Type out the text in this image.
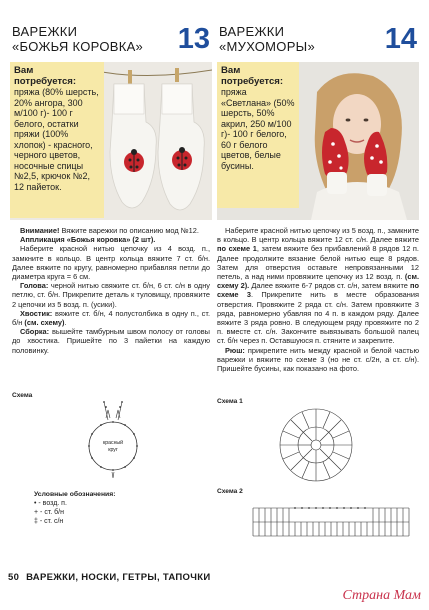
ВАРЕЖКИ
«БОЖЬЯ КОРОВКА» 13
Вам
потребуется:
пряжа (80% шерсть, 20% ангора, 300 м/100 г)- 100 г белого, остатки пряжи (100% хлопок) - красного, черного цветов, носочные спицы №2,5, крючок №2, 12 пайеток.

Внимание! Вяжите варежки по описанию мод №12.

Аппликация «Божья коровка» (2 шт).

Наберите красной нитью цепочку из 4 возд. п., замкните в кольцо. В центр кольца вяжите 7 ст. б/н. Далее вяжите по кругу, равномерно прибавляя петли до диаметра круга = 6 см.

Голова: черной нитью свяжите ст. б/н, 6 ст. с/н в одну петлю, ст. б/н. Прикрепите деталь к туловищу, провяжите 2 цепочки из 5 возд. п. (усики).

Хвостик: вяжите ст. б/н, 4 полустолбика в одну п., ст. б/н (см. схему).

Сборка: вышейте тамбурным швом полосу от головы до хвостика. Пришейте по 3 пайетки на каждую половинку.

Схема
красный
круг

Условные обозначения:

• - возд. п.

+ - ст. б/н

‡ - ст. с/н

ВАРЕЖКИ
«МУХОМОРЫ» 14
Вам
потребуется:
пряжа «Светлана» (50% шерсть, 50% акрил, 250 м/100 г)- 100 г белого, 60 г белого цветов, белые бусины.

Наберите красной нитью цепочку из 5 возд. п., замкните в кольцо. В центр кольца вяжите 12 ст. с/н. Далее вяжите по схеме 1, затем вяжите без прибавлений 8 рядов 12 п. Далее продолжите вязание белой нитью еще 8 рядов. Затем для отверстия оставьте непровязанными 12 петель, а над ними провяжите цепочку из 12 возд. п. (см. схему 2). Далее вяжите 6-7 рядов ст. с/н, затем вяжите по схеме 3. Прикрепите нить в месте образования отверстия. Провяжите 2 ряда ст. с/н. Затем провяжите 3 ряда, равномерно убавляя по 4 п. в каждом ряду. Далее вяжите 3 ряда ровно. В следующем ряду провяжите по 2 п. вместе ст. с/н. Закончите вывязывать большой палец ст. б/н через п. Оставшуюся п. стяните и закрепите.

Рюш: прикрепите нить между красной и белой частью варежки и вяжите по схеме 3 (но не ст. с/2н, а ст. с/н). Пришейте бусины, как показано на фото.

Схема 1
Схема 2
50 ВАРЕЖКИ, НОСКИ, ГЕТРЫ, ТАПОЧКИ
Страна Мам
